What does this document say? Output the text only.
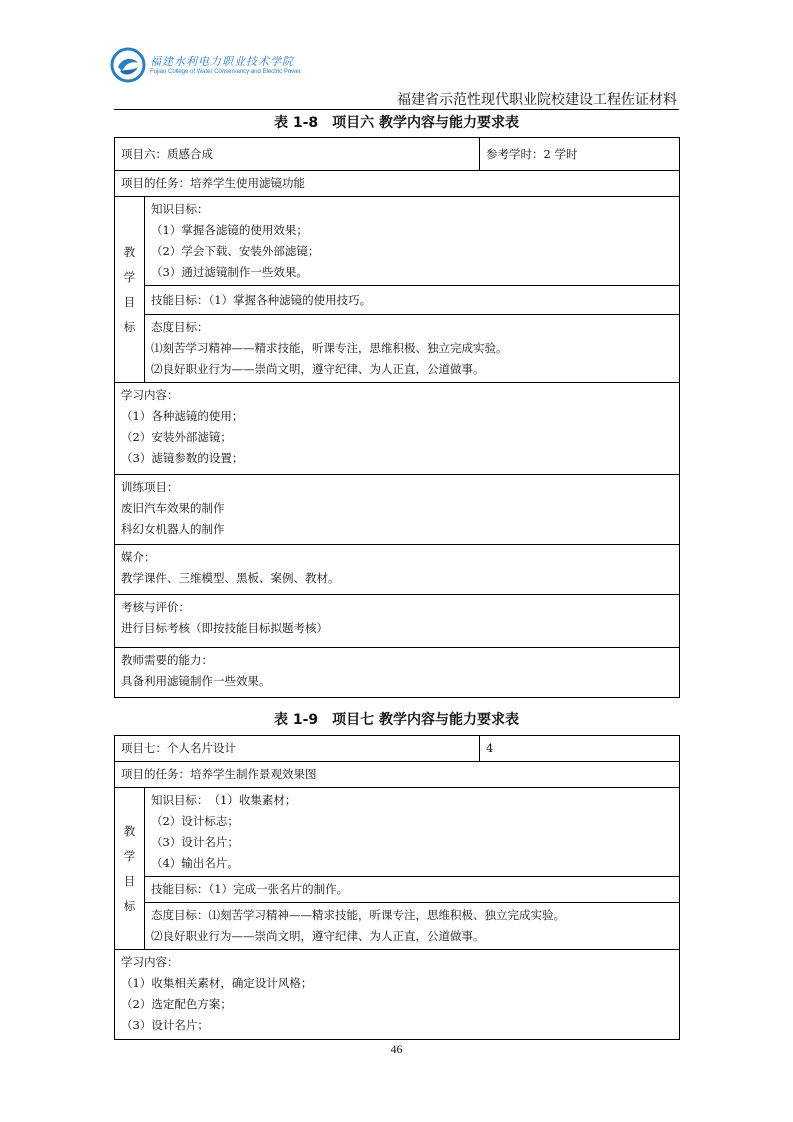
福建水利电力职业技术学院
Fujian College of Water Conservancy and Electric Power
福建省示范性现代职业院校建设工程佐证材料
表 1-8　项目六 教学内容与能力要求表
项目六：质感合成		参考学时：2 学时
项目的任务：培养学生使用滤镜功能		

教
学
目
标	知识目标：
（1）掌握各滤镜的使用效果；
（2）学会下载、安装外部滤镜；
（3）通过滤镜制作一些效果。	

	技能目标：（1）掌握各种滤镜的使用技巧。	

	态度目标：
⑴刻苦学习精神——精求技能，听课专注，思维积极、独立完成实验。
⑵良好职业行为——崇尚文明，遵守纪律、为人正直，公道做事。	

学习内容：
（1）各种滤镜的使用；
（2）安装外部滤镜；
（3）滤镜参数的设置；		

训练项目：
废旧汽车效果的制作
科幻女机器人的制作		

媒介：
教学课件、三维模型、黑板、案例、教材。		

考核与评价：
进行目标考核（即按技能目标拟题考核）		

教师需要的能力：
具备利用滤镜制作一些效果。		
表 1-9　项目七 教学内容与能力要求表
项目七：个人名片设计		4
项目的任务：培养学生制作景观效果图		

教
学
目
标	知识目标：　（1）收集素材；
（2）设计标志；
（3）设计名片；
（4）输出名片。	

	技能目标：（1）完成一张名片的制作。	

	态度目标：⑴刻苦学习精神——精求技能，听课专注，思维积极、独立完成实验。
⑵良好职业行为——崇尚文明，遵守纪律、为人正直，公道做事。	

学习内容：
（1）收集相关素材，确定设计风格；
（2）选定配色方案；
（3）设计名片；		
46
